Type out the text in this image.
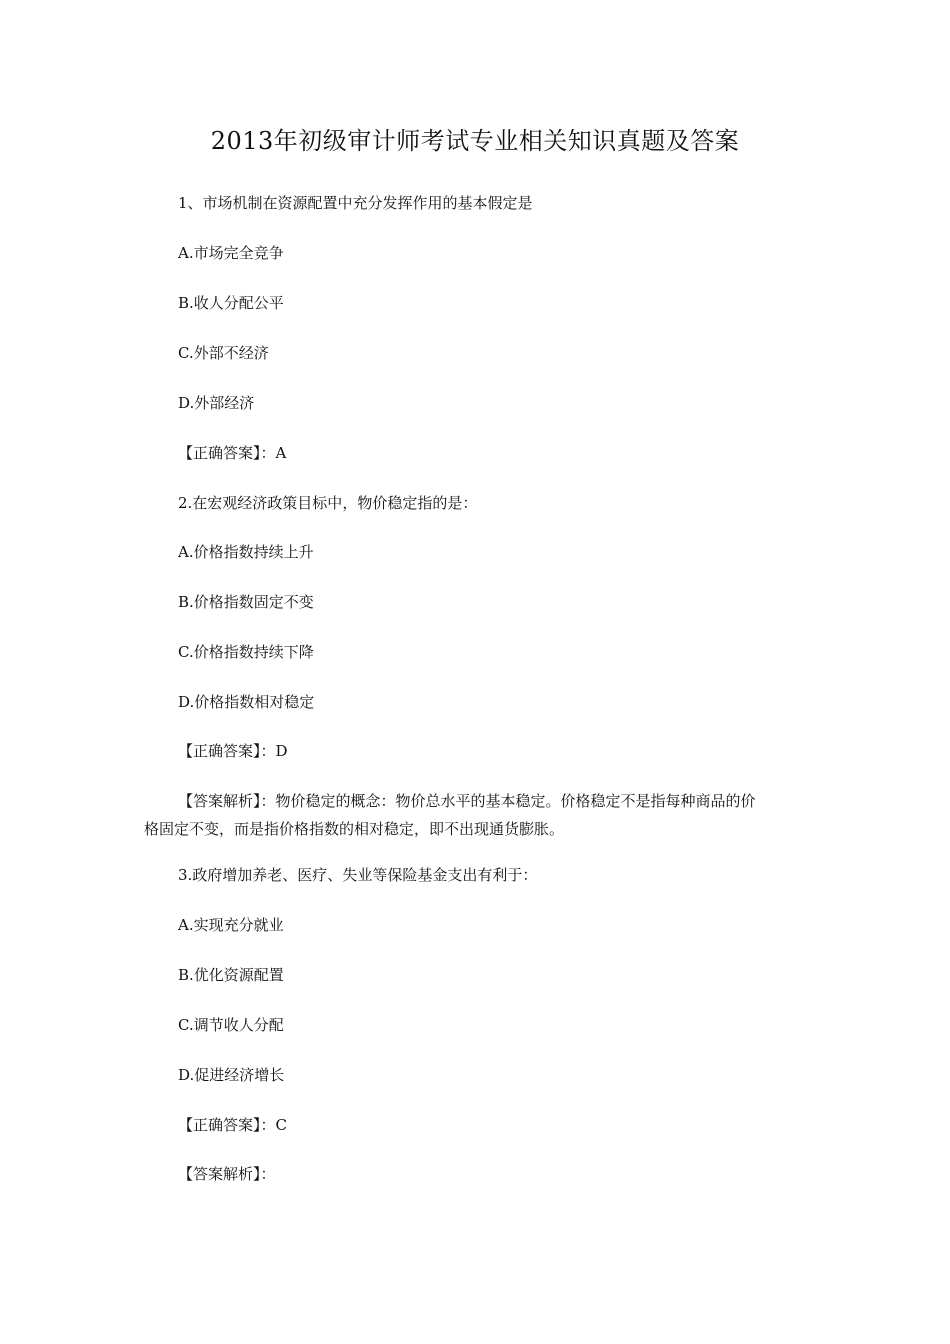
2013年初级审计师考试专业相关知识真题及答案
1、市场机制在资源配置中充分发挥作用的基本假定是
A.市场完全竞争
B.收人分配公平
C.外部不经济
D.外部经济
【正确答案】：A
2.在宏观经济政策目标中，物价稳定指的是：
A.价格指数持续上升
B.价格指数固定不变
C.价格指数持续下降
D.价格指数相对稳定
【正确答案】：D
【答案解析】：物价稳定的概念：物价总水平的基本稳定。价格稳定不是指每种商品的价
格固定不变，而是指价格指数的相对稳定，即不出现通货膨胀。
3.政府增加养老、医疗、失业等保险基金支出有利于：
A.实现充分就业
B.优化资源配置
C.调节收人分配
D.促进经济增长
【正确答案】：C
【答案解析】：
